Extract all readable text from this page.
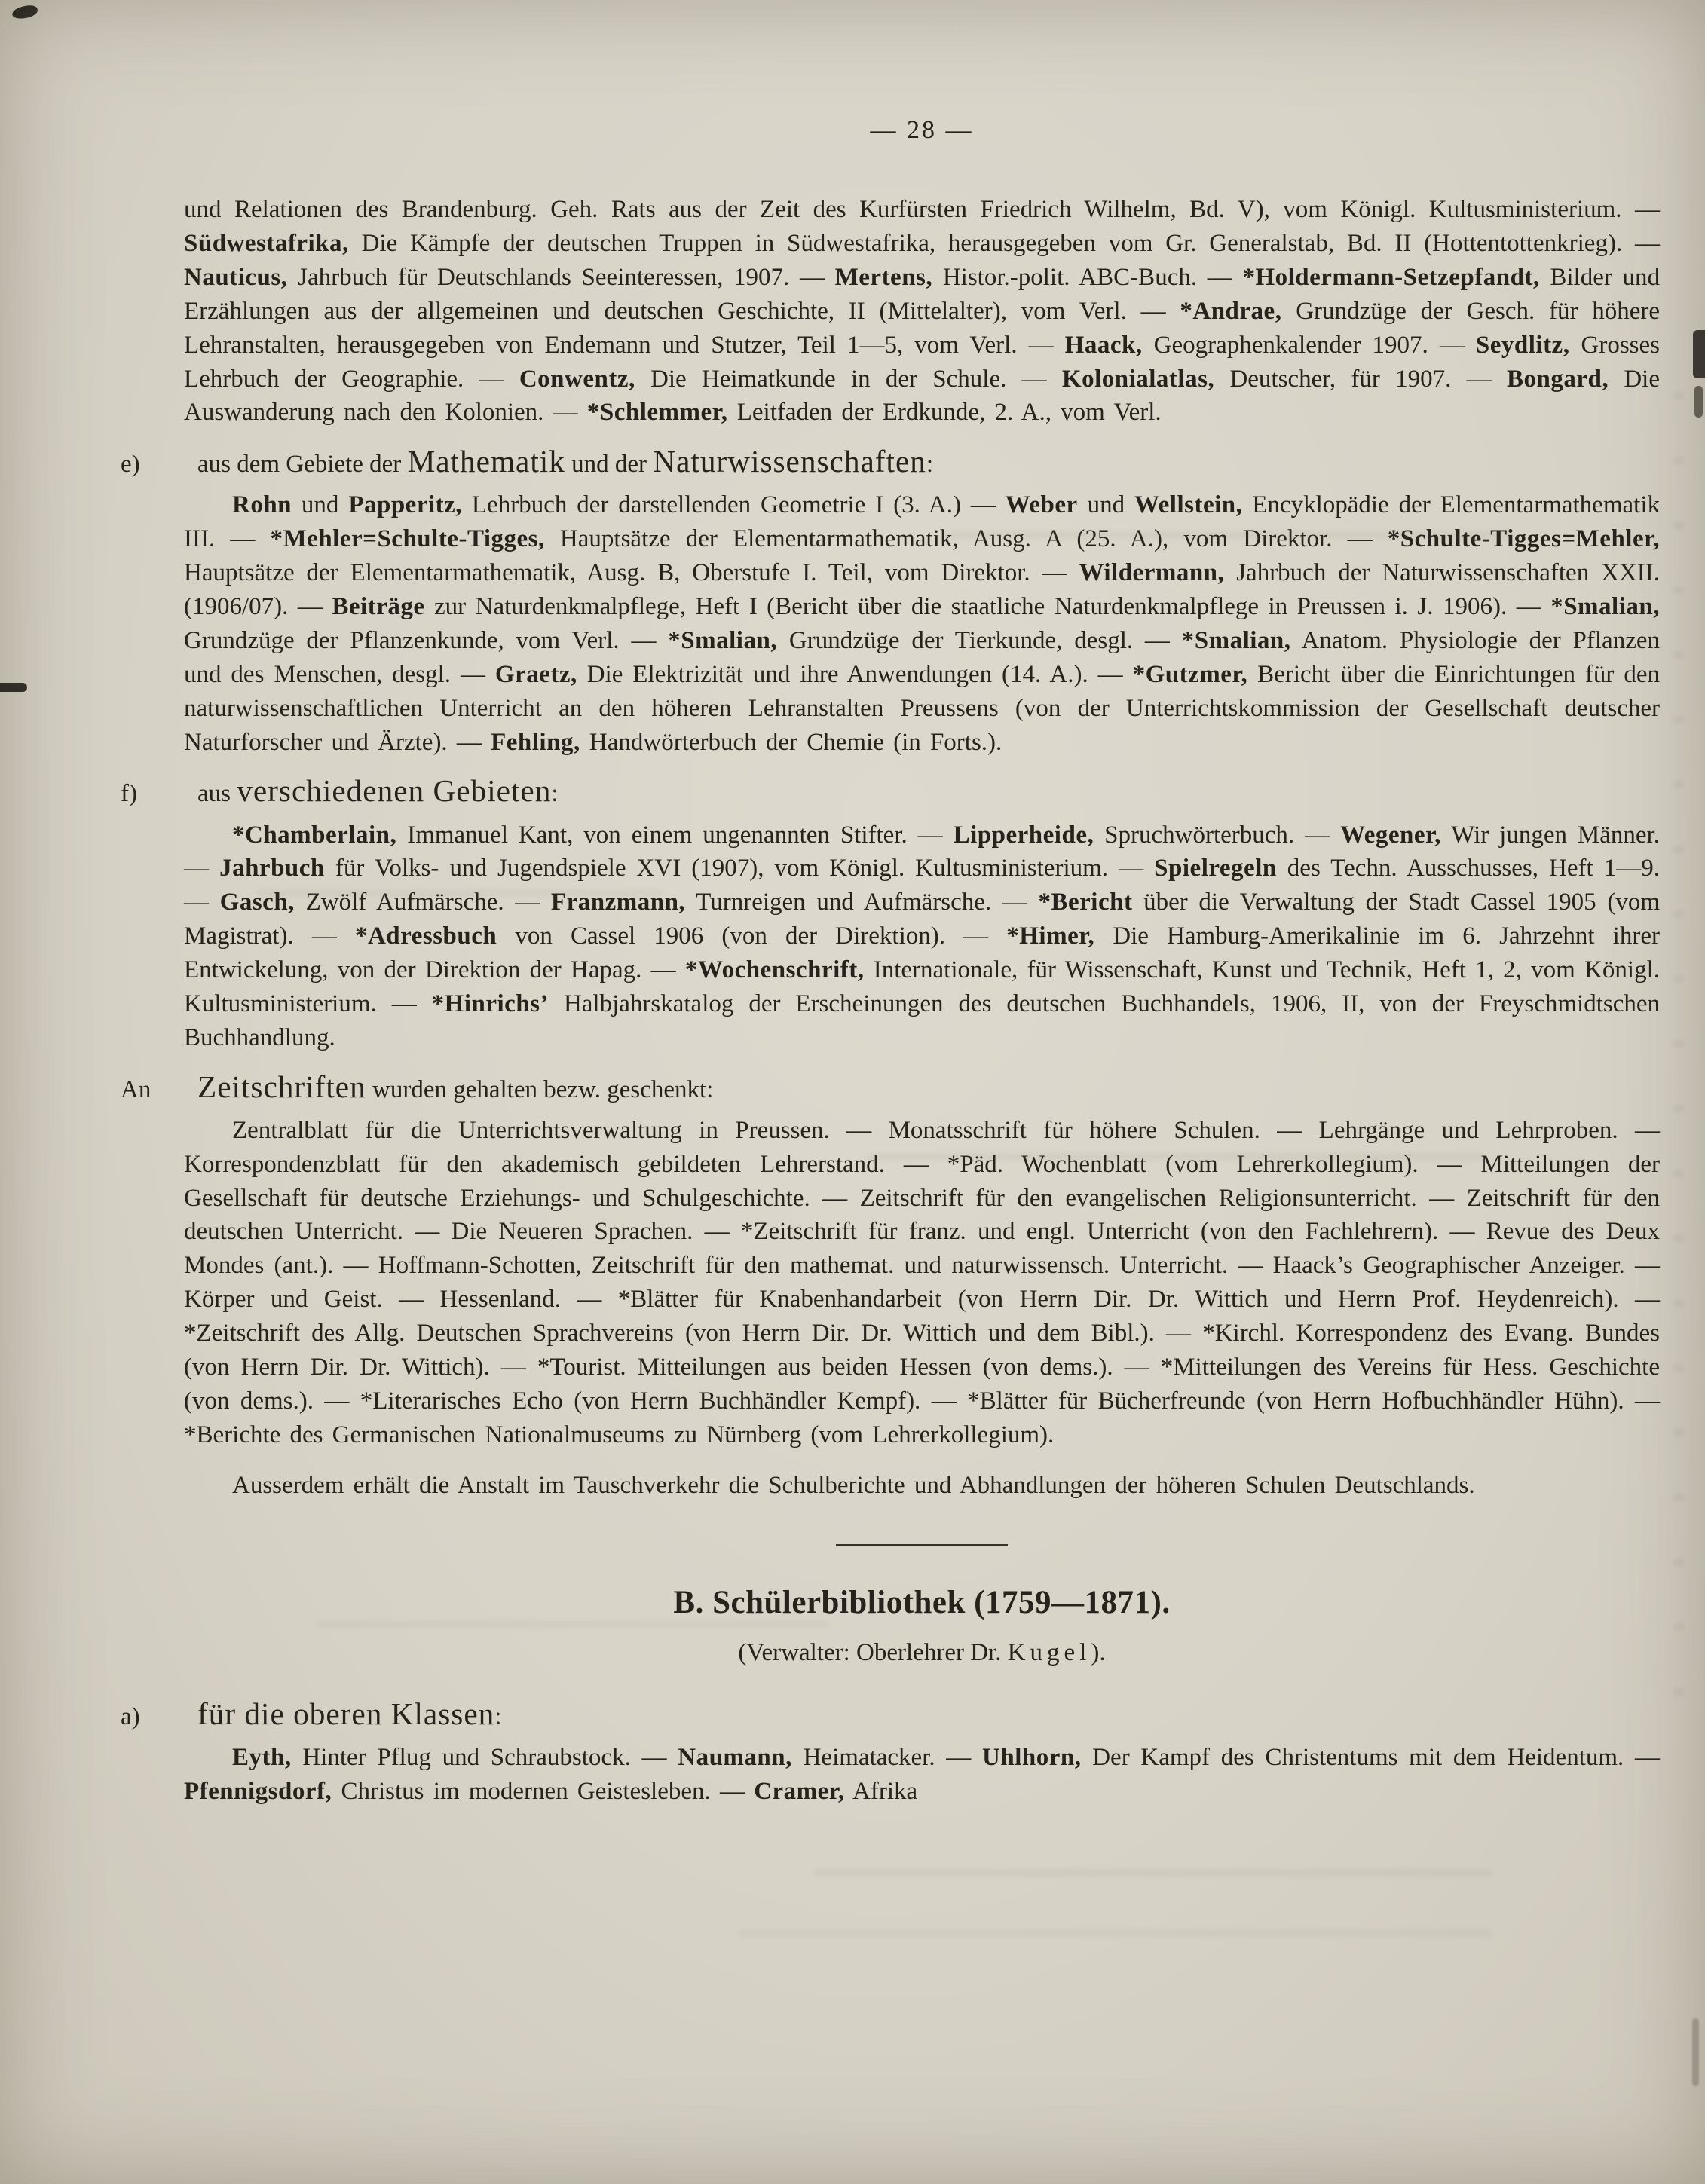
— 28 —

und Relationen des Brandenburg. Geh. Rats aus der Zeit des Kurfürsten Friedrich Wilhelm, Bd. V), vom Königl. Kultusministerium. — Südwestafrika, Die Kämpfe der deutschen Truppen in Südwestafrika, herausgegeben vom Gr. Generalstab, Bd. II (Hottentottenkrieg). — Nauticus, Jahrbuch für Deutschlands Seeinteressen, 1907. — Mertens, Histor.-polit. ABC-Buch. — *Holdermann-Setzepfandt, Bilder und Erzählungen aus der allgemeinen und deutschen Geschichte, II (Mittelalter), vom Verl. — *Andrae, Grundzüge der Gesch. für höhere Lehranstalten, herausgegeben von Endemann und Stutzer, Teil 1—5, vom Verl. — Haack, Geographenkalender 1907. — Seydlitz, Grosses Lehrbuch der Geographie. — Conwentz, Die Heimatkunde in der Schule. — Kolonialatlas, Deutscher, für 1907. — Bongard, Die Auswanderung nach den Kolonien. — *Schlemmer, Leitfaden der Erdkunde, 2. A., vom Verl.

e) aus dem Gebiete der Mathematik und der Naturwissenschaften:

Rohn und Papperitz, Lehrbuch der darstellenden Geometrie I (3. A.) — Weber und Wellstein, Encyklopädie der Elementarmathematik III. — *Mehler=Schulte-Tigges, Hauptsätze der Elementarmathematik, Ausg. A (25. A.), vom Direktor. — *Schulte-Tigges=Mehler, Hauptsätze der Elementarmathematik, Ausg. B, Oberstufe I. Teil, vom Direktor. — Wildermann, Jahrbuch der Naturwissenschaften XXII. (1906/07). — Beiträge zur Naturdenkmalpflege, Heft I (Bericht über die staatliche Naturdenkmalpflege in Preussen i. J. 1906). — *Smalian, Grundzüge der Pflanzenkunde, vom Verl. — *Smalian, Grundzüge der Tierkunde, desgl. — *Smalian, Anatom. Physiologie der Pflanzen und des Menschen, desgl. — Graetz, Die Elektrizität und ihre Anwendungen (14. A.). — *Gutzmer, Bericht über die Einrichtungen für den naturwissenschaftlichen Unterricht an den höheren Lehranstalten Preussens (von der Unterrichtskommission der Gesellschaft deutscher Naturforscher und Ärzte). — Fehling, Handwörterbuch der Chemie (in Forts.).

f) aus verschiedenen Gebieten:

*Chamberlain, Immanuel Kant, von einem ungenannten Stifter. — Lipperheide, Spruchwörterbuch. — Wegener, Wir jungen Männer. — Jahrbuch für Volks- und Jugendspiele XVI (1907), vom Königl. Kultusministerium. — Spielregeln des Techn. Ausschusses, Heft 1—9. — Gasch, Zwölf Aufmärsche. — Franzmann, Turnreigen und Aufmärsche. — *Bericht über die Verwaltung der Stadt Cassel 1905 (vom Magistrat). — *Adressbuch von Cassel 1906 (von der Direktion). — *Himer, Die Hamburg-Amerikalinie im 6. Jahrzehnt ihrer Entwickelung, von der Direktion der Hapag. — *Wochenschrift, Internationale, für Wissenschaft, Kunst und Technik, Heft 1, 2, vom Königl. Kultusministerium. — *Hinrichs’ Halbjahrskatalog der Erscheinungen des deutschen Buchhandels, 1906, II, von der Freyschmidtschen Buchhandlung.

An Zeitschriften wurden gehalten bezw. geschenkt:

Zentralblatt für die Unterrichtsverwaltung in Preussen. — Monatsschrift für höhere Schulen. — Lehrgänge und Lehrproben. — Korrespondenzblatt für den akademisch gebildeten Lehrerstand. — *Päd. Wochenblatt (vom Lehrerkollegium). — Mitteilungen der Gesellschaft für deutsche Erziehungs- und Schulgeschichte. — Zeitschrift für den evangelischen Religionsunterricht. — Zeitschrift für den deutschen Unterricht. — Die Neueren Sprachen. — *Zeitschrift für franz. und engl. Unterricht (von den Fachlehrern). — Revue des Deux Mondes (ant.). — Hoffmann-Schotten, Zeitschrift für den mathemat. und naturwissensch. Unterricht. — Haack’s Geographischer Anzeiger. — Körper und Geist. — Hessenland. — *Blätter für Knabenhandarbeit (von Herrn Dir. Dr. Wittich und Herrn Prof. Heydenreich). — *Zeitschrift des Allg. Deutschen Sprachvereins (von Herrn Dir. Dr. Wittich und dem Bibl.). — *Kirchl. Korrespondenz des Evang. Bundes (von Herrn Dir. Dr. Wittich). — *Tourist. Mitteilungen aus beiden Hessen (von dems.). — *Mitteilungen des Vereins für Hess. Geschichte (von dems.). — *Literarisches Echo (von Herrn Buchhändler Kempf). — *Blätter für Bücherfreunde (von Herrn Hofbuchhändler Hühn). — *Berichte des Germanischen Nationalmuseums zu Nürnberg (vom Lehrerkollegium).

Ausserdem erhält die Anstalt im Tauschverkehr die Schulberichte und Abhandlungen der höheren Schulen Deutschlands.

B. Schülerbibliothek (1759—1871).
(Verwalter: Oberlehrer Dr. Kugel).
a) für die oberen Klassen:

Eyth, Hinter Pflug und Schraubstock. — Naumann, Heimatacker. — Uhlhorn, Der Kampf des Christentums mit dem Heidentum. — Pfennigsdorf, Christus im modernen Geistesleben. — Cramer, Afrika
